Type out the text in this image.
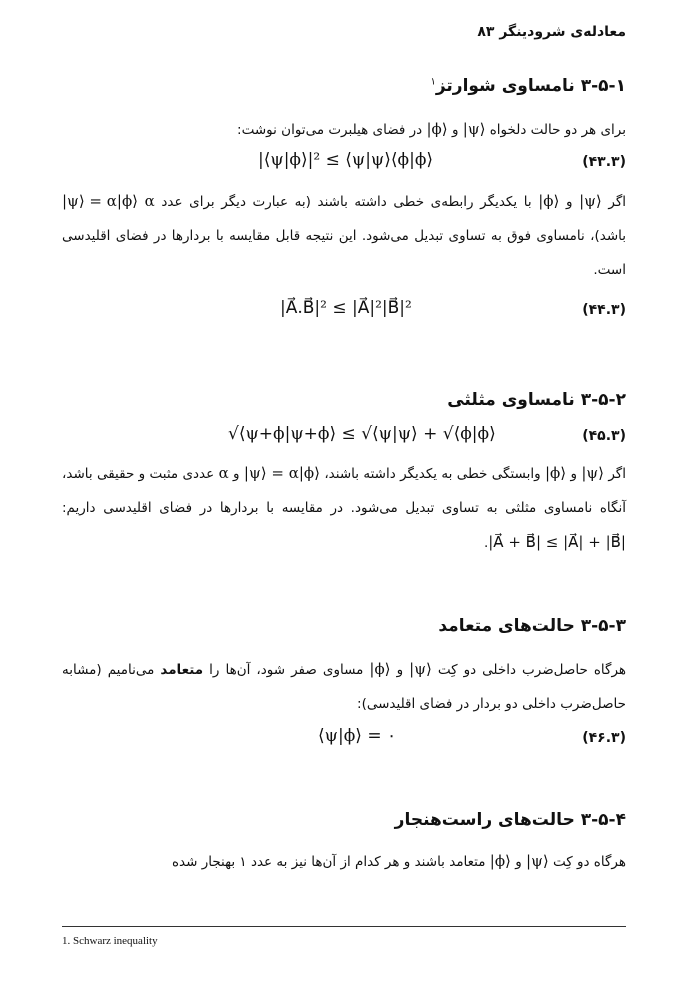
معادله‌ی شرودینگر ۸۳
۳-۵-۱ نامساوی شوارتز$^۱$
برای هر دو حالت دلخواه |ψ⟩ و |ϕ⟩ در فضای هیلبرت می‌توان نوشت:
(۴۳.۳)
|⟨ψ|ϕ⟩|² ≤ ⟨ψ|ψ⟩⟨ϕ|ϕ⟩
اگر |ψ⟩ و |ϕ⟩ با یکدیگر رابطه‌ی خطی داشته باشند (به عبارت دیگر برای عدد α |ψ⟩ = α|ϕ⟩ باشد)، نامساوی فوق به تساوی تبدیل می‌شود. این نتیجه قابل مقایسه با بردارها در فضای اقلیدسی است.
(۴۴.۳)
|A⃗.B⃗|² ≤ |A⃗|²|B⃗|²
۳-۵-۲ نامساوی مثلثی
(۴۵.۳)
√⟨ψ+ϕ|ψ+ϕ⟩ ≤ √⟨ψ|ψ⟩ + √⟨ϕ|ϕ⟩
اگر |ψ⟩ و |ϕ⟩ وابستگی خطی به یکدیگر داشته باشند، |ψ⟩ = α|ϕ⟩ و α عددی مثبت و حقیقی باشد، آنگاه نامساوی مثلثی به تساوی تبدیل می‌شود. در مقایسه با بردارها در فضای اقلیدسی داریم: |A⃗ + B⃗| ≤ |A⃗| + |B⃗|.
۳-۵-۳ حالت‌های متعامد
هرگاه حاصل‌ضرب داخلی دو کِت |ψ⟩ و |ϕ⟩ مساوی صفر شود، آن‌ها را متعامد می‌نامیم (مشابه حاصل‌ضرب داخلی دو بردار در فضای اقلیدسی):
(۴۶.۳)
⟨ψ|ϕ⟩ = ۰
۳-۵-۴ حالت‌های راست‌هنجار
هرگاه دو کِت |ψ⟩ و |ϕ⟩ متعامد باشند و هر کدام از آن‌ها نیز به عدد ۱ بهنجار شده
1. Schwarz inequality
